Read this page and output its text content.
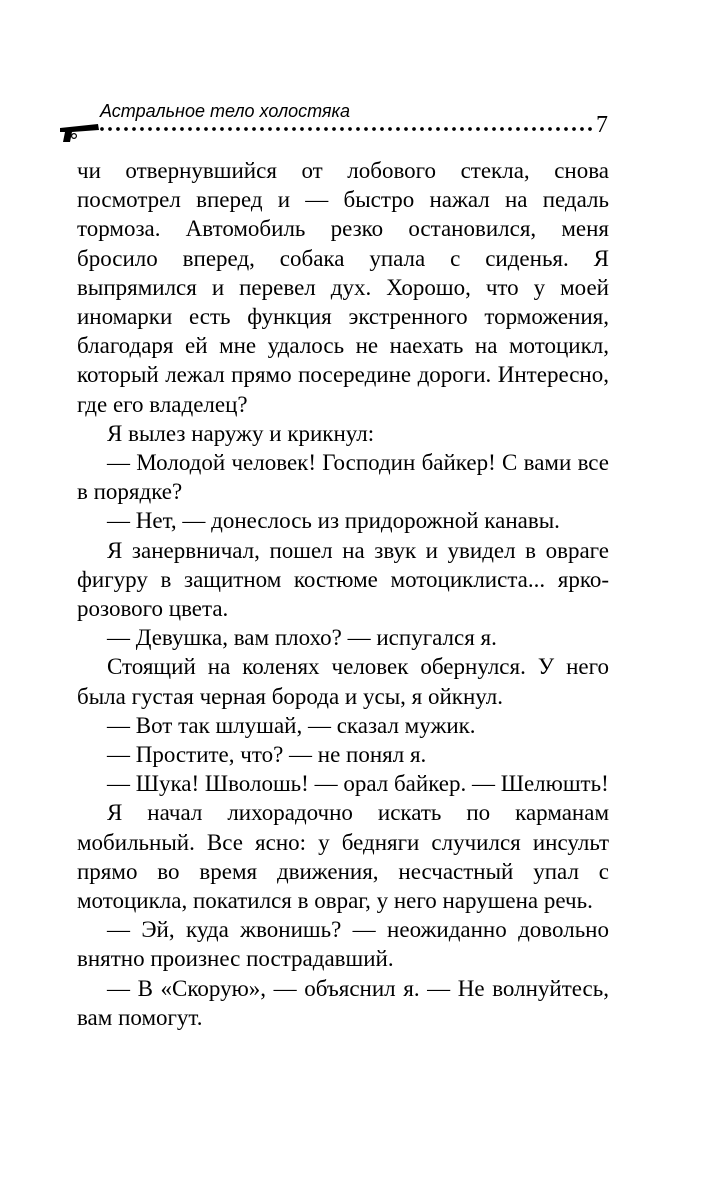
Астральное тело холостяка
7

чи отвернувшийся от лобового стекла, снова посмотрел вперед и — быстро нажал на педаль тормоза. Автомобиль резко остановился, меня бросило вперед, собака упала с сиденья. Я выпрямился и перевел дух. Хорошо, что у моей иномарки есть функция экстренного торможения, благодаря ей мне удалось не наехать на мотоцикл, который лежал прямо посередине дороги. Интересно, где его владелец?

Я вылез наружу и крикнул:

— Молодой человек! Господин байкер! С вами все в порядке?

— Нет, — донеслось из придорожной канавы.

Я занервничал, пошел на звук и увидел в овраге фигуру в защитном костюме мотоциклиста... ярко-розового цвета.

— Девушка, вам плохо? — испугался я.

Стоящий на коленях человек обернулся. У него была густая черная борода и усы, я ойкнул.

— Вот так шлушай, — сказал мужик.

— Простите, что? — не понял я.

— Шука! Шволошь! — орал байкер. — Шелюшть!

Я начал лихорадочно искать по карманам мобильный. Все ясно: у бедняги случился инсульт прямо во время движения, несчастный упал с мотоцикла, покатился в овраг, у него нарушена речь.

— Эй, куда жвонишь? — неожиданно довольно внятно произнес пострадавший.

— В «Скорую», — объяснил я. — Не волнуйтесь, вам помогут.
